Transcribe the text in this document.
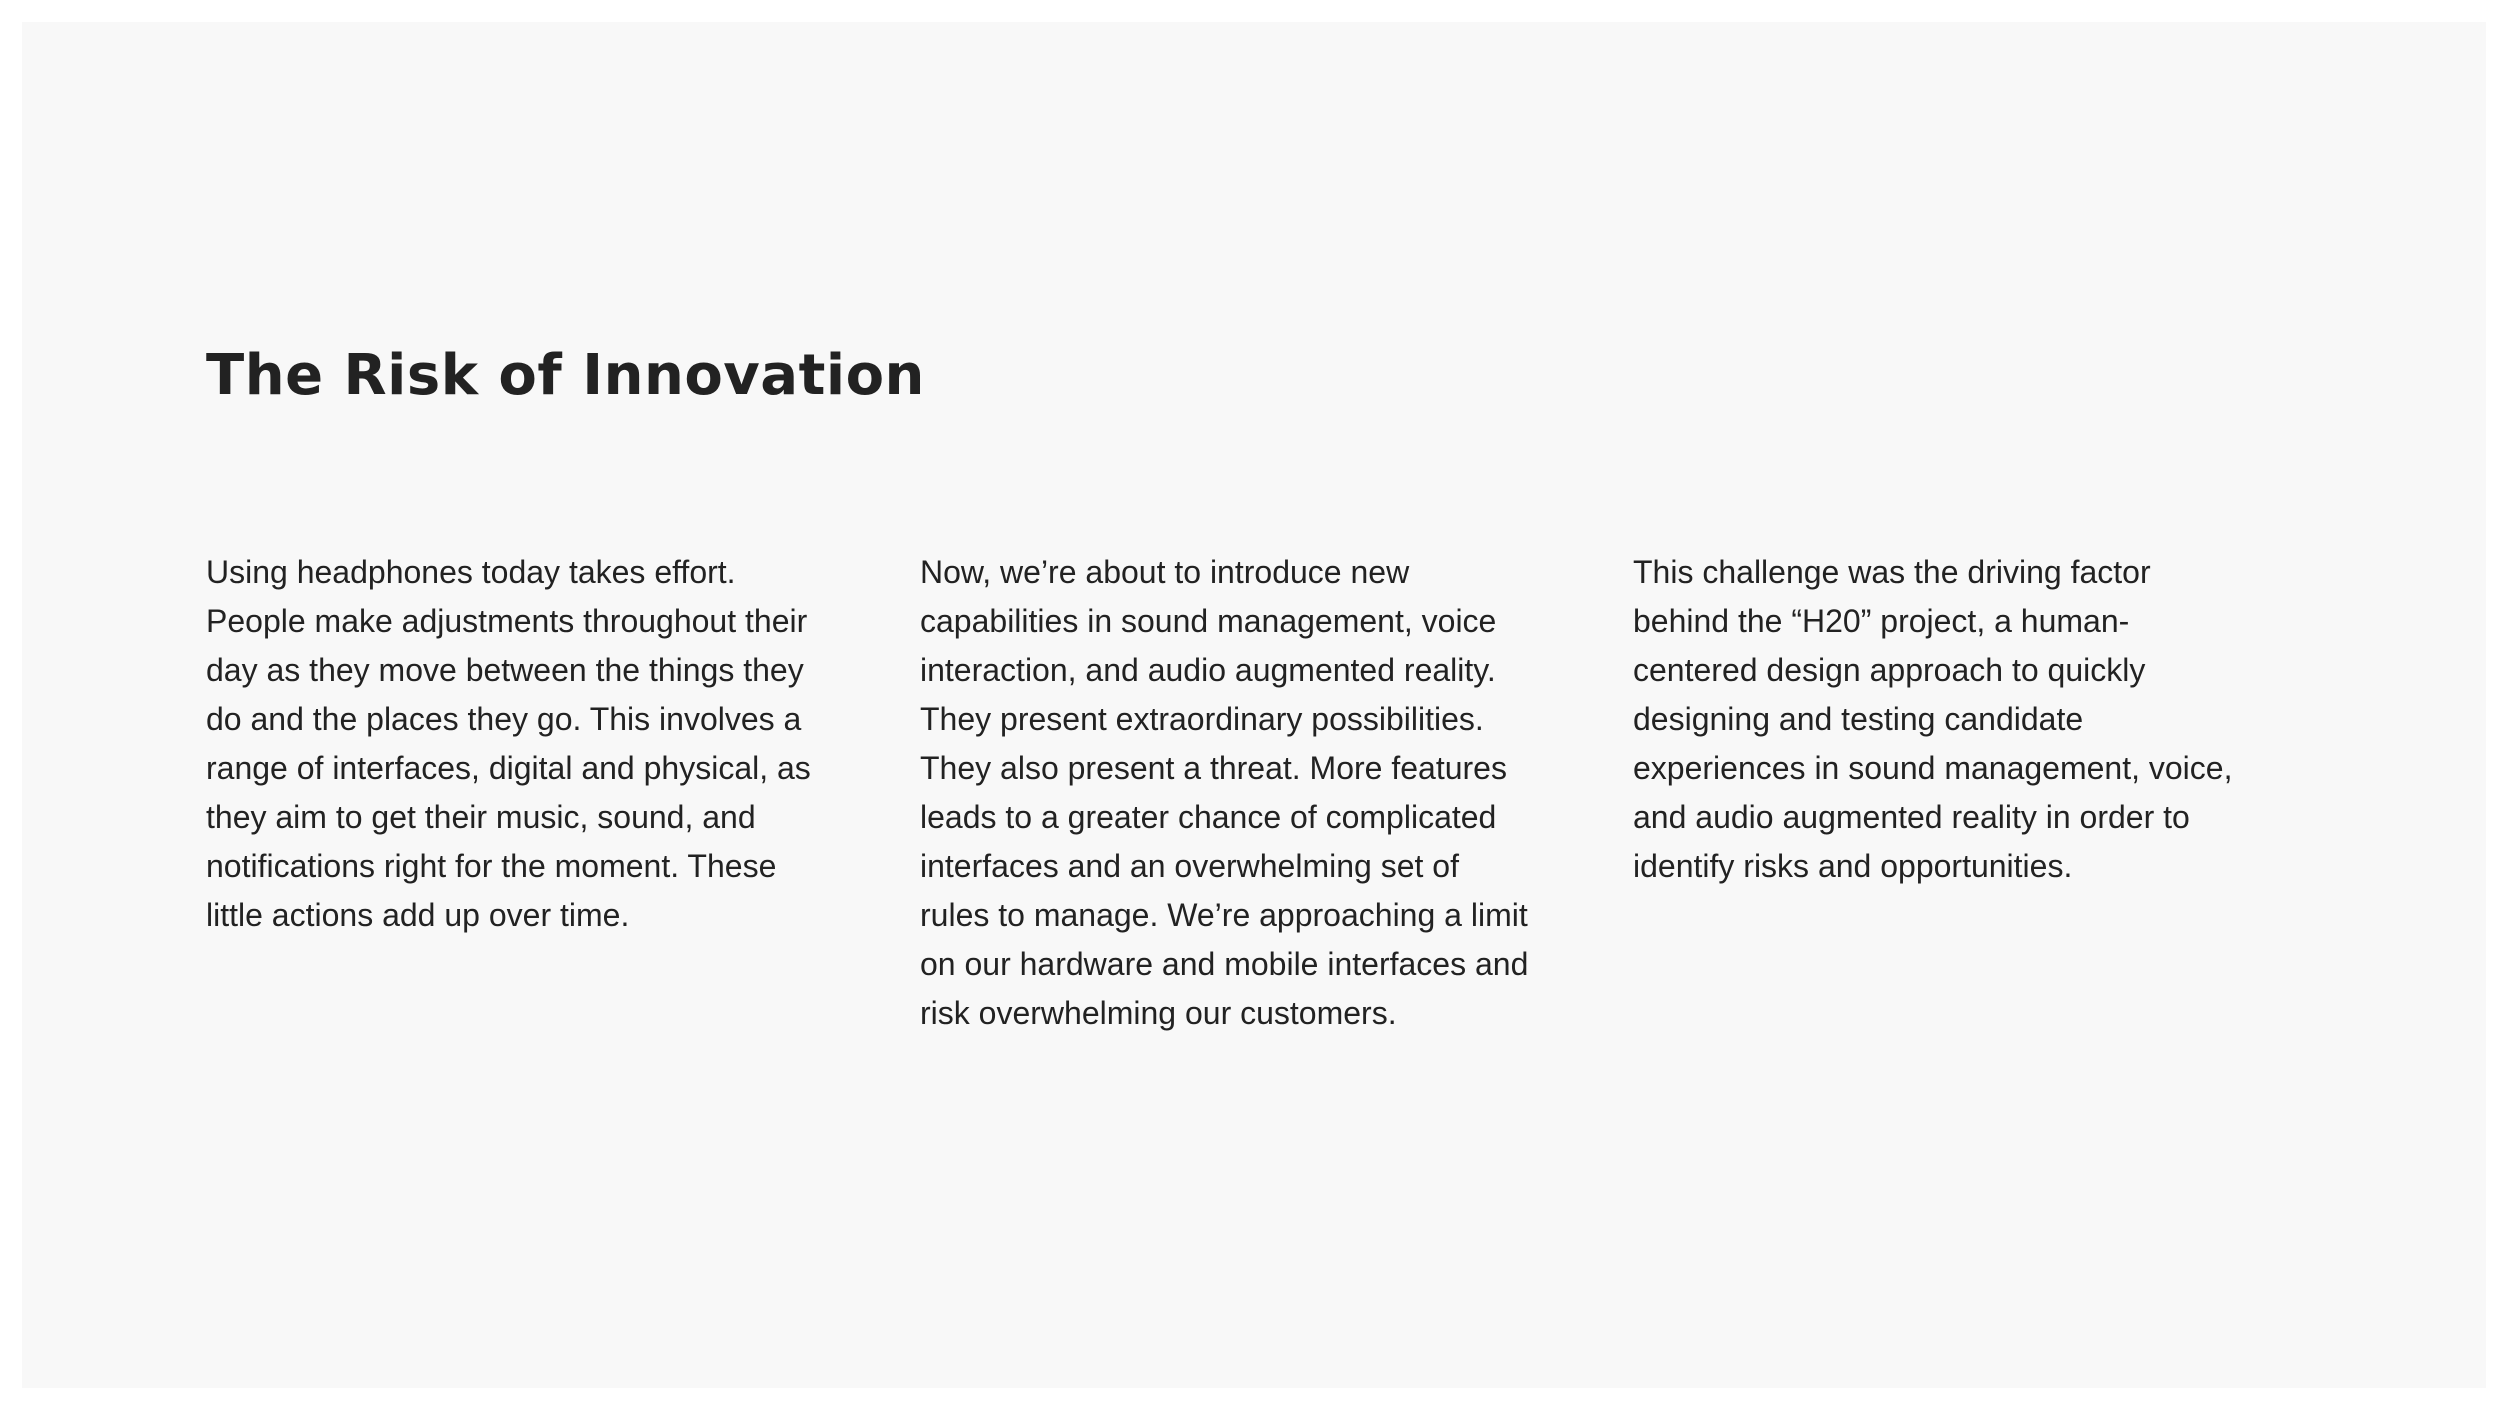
The Risk of Innovation

Using headphones today takes effort.
People make adjustments throughout their
day as they move between the things they
do and the places they go. This involves a
range of interfaces, digital and physical, as
they aim to get their music, sound, and
notifications right for the moment. These
little actions add up over time.

Now, we’re about to introduce new
capabilities in sound management, voice
interaction, and audio augmented reality.
They present extraordinary possibilities.
They also present a threat. More features
leads to a greater chance of complicated
interfaces and an overwhelming set of
rules to manage. We’re approaching a limit
on our hardware and mobile interfaces and
risk overwhelming our customers.

This challenge was the driving factor
behind the “H20” project, a human-
centered design approach to quickly
designing and testing candidate
experiences in sound management, voice,
and audio augmented reality in order to
identify risks and opportunities.
